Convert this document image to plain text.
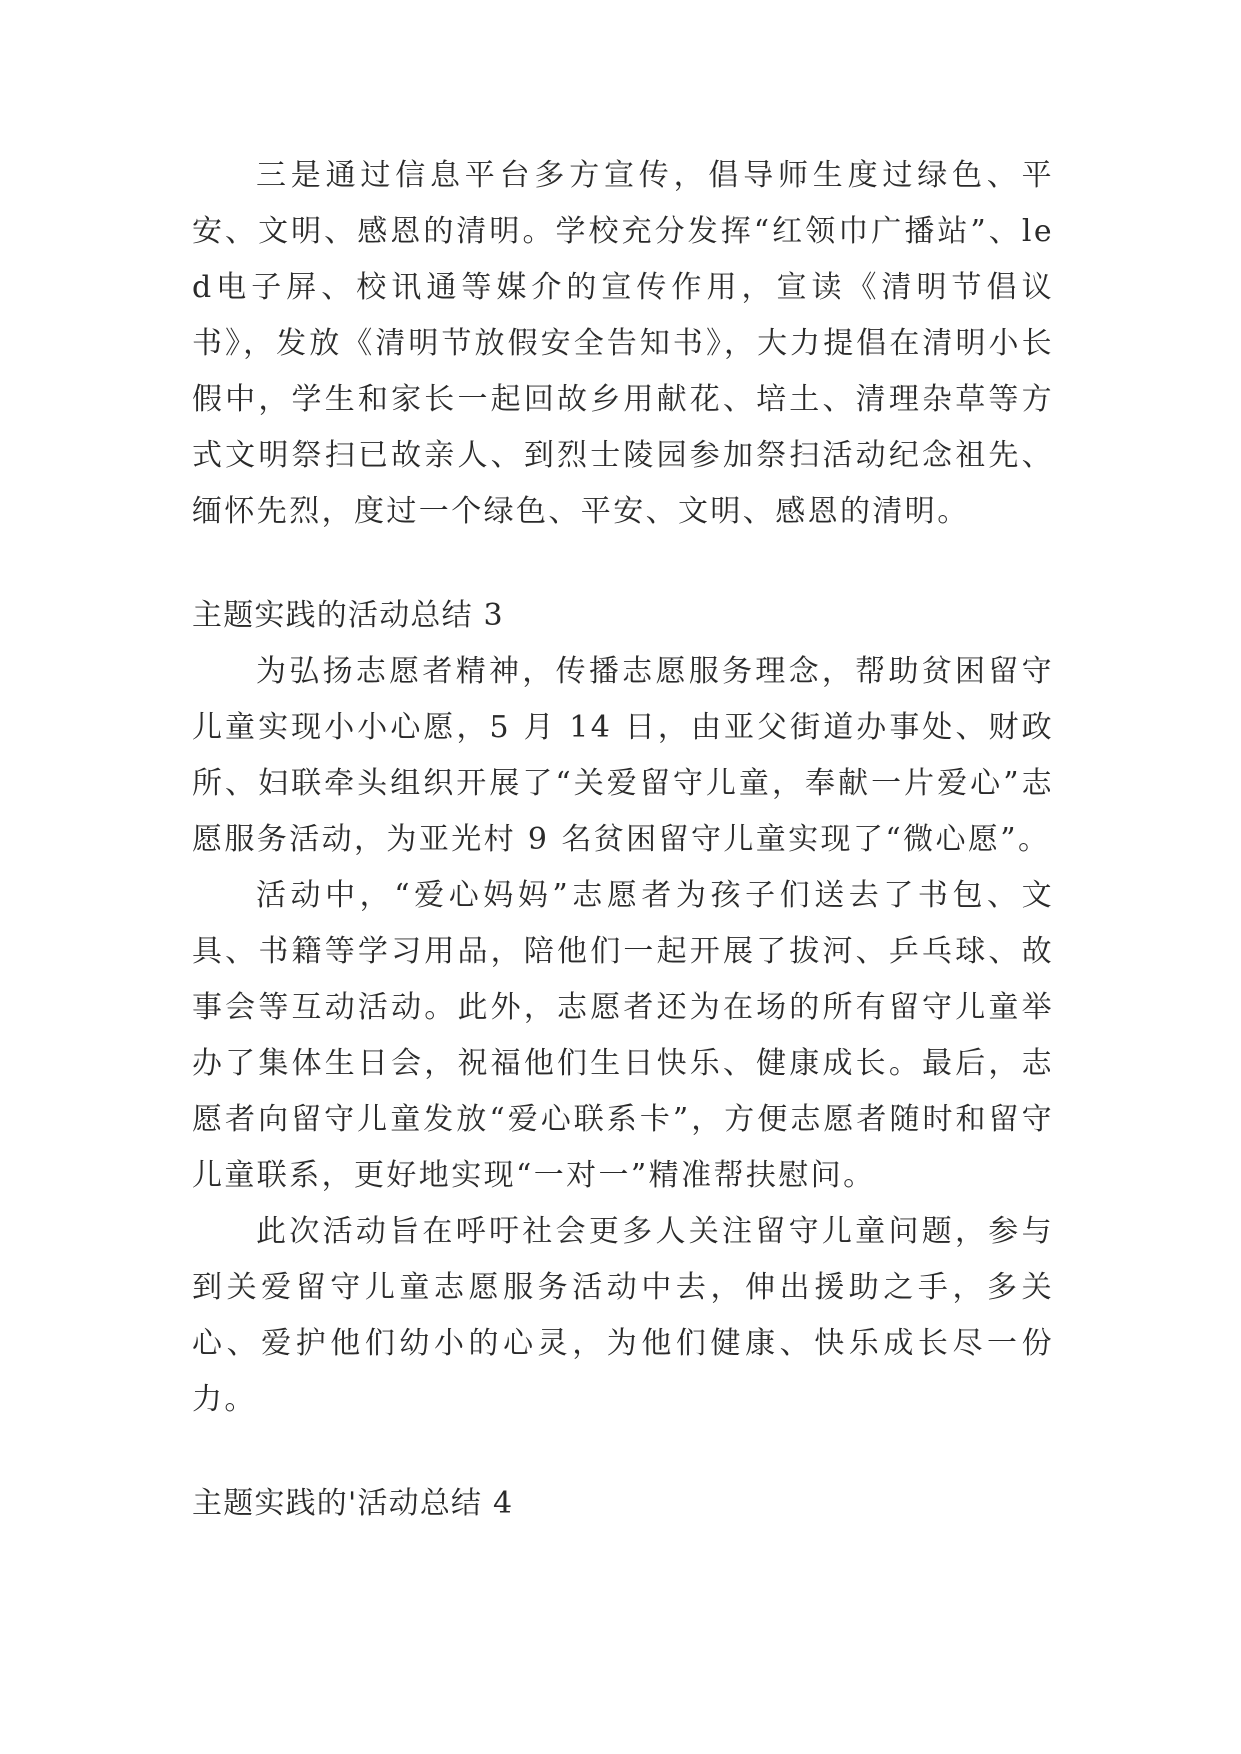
三是通过信息平台多方宣传，倡导师生度过绿色、平安、文明、感恩的清明。学校充分发挥“红领巾广播站”、led电子屏、校讯通等媒介的宣传作用，宣读《清明节倡议书》，发放《清明节放假安全告知书》，大力提倡在清明小长假中，学生和家长一起回故乡用献花、培土、清理杂草等方式文明祭扫已故亲人、到烈士陵园参加祭扫活动纪念祖先、缅怀先烈，度过一个绿色、平安、文明、感恩的清明。

主题实践的活动总结 3

为弘扬志愿者精神，传播志愿服务理念，帮助贫困留守儿童实现小小心愿，5 月 14 日，由亚父街道办事处、财政所、妇联牵头组织开展了“关爱留守儿童，奉献一片爱心”志愿服务活动，为亚光村 9 名贫困留守儿童实现了“微心愿”。

活动中，“爱心妈妈”志愿者为孩子们送去了书包、文具、书籍等学习用品，陪他们一起开展了拔河、乒乓球、故事会等互动活动。此外，志愿者还为在场的所有留守儿童举办了集体生日会，祝福他们生日快乐、健康成长。最后，志愿者向留守儿童发放“爱心联系卡”，方便志愿者随时和留守儿童联系，更好地实现“一对一”精准帮扶慰问。

此次活动旨在呼吁社会更多人关注留守儿童问题，参与到关爱留守儿童志愿服务活动中去，伸出援助之手，多关心、爱护他们幼小的心灵，为他们健康、快乐成长尽一份力。

主题实践的'活动总结 4
